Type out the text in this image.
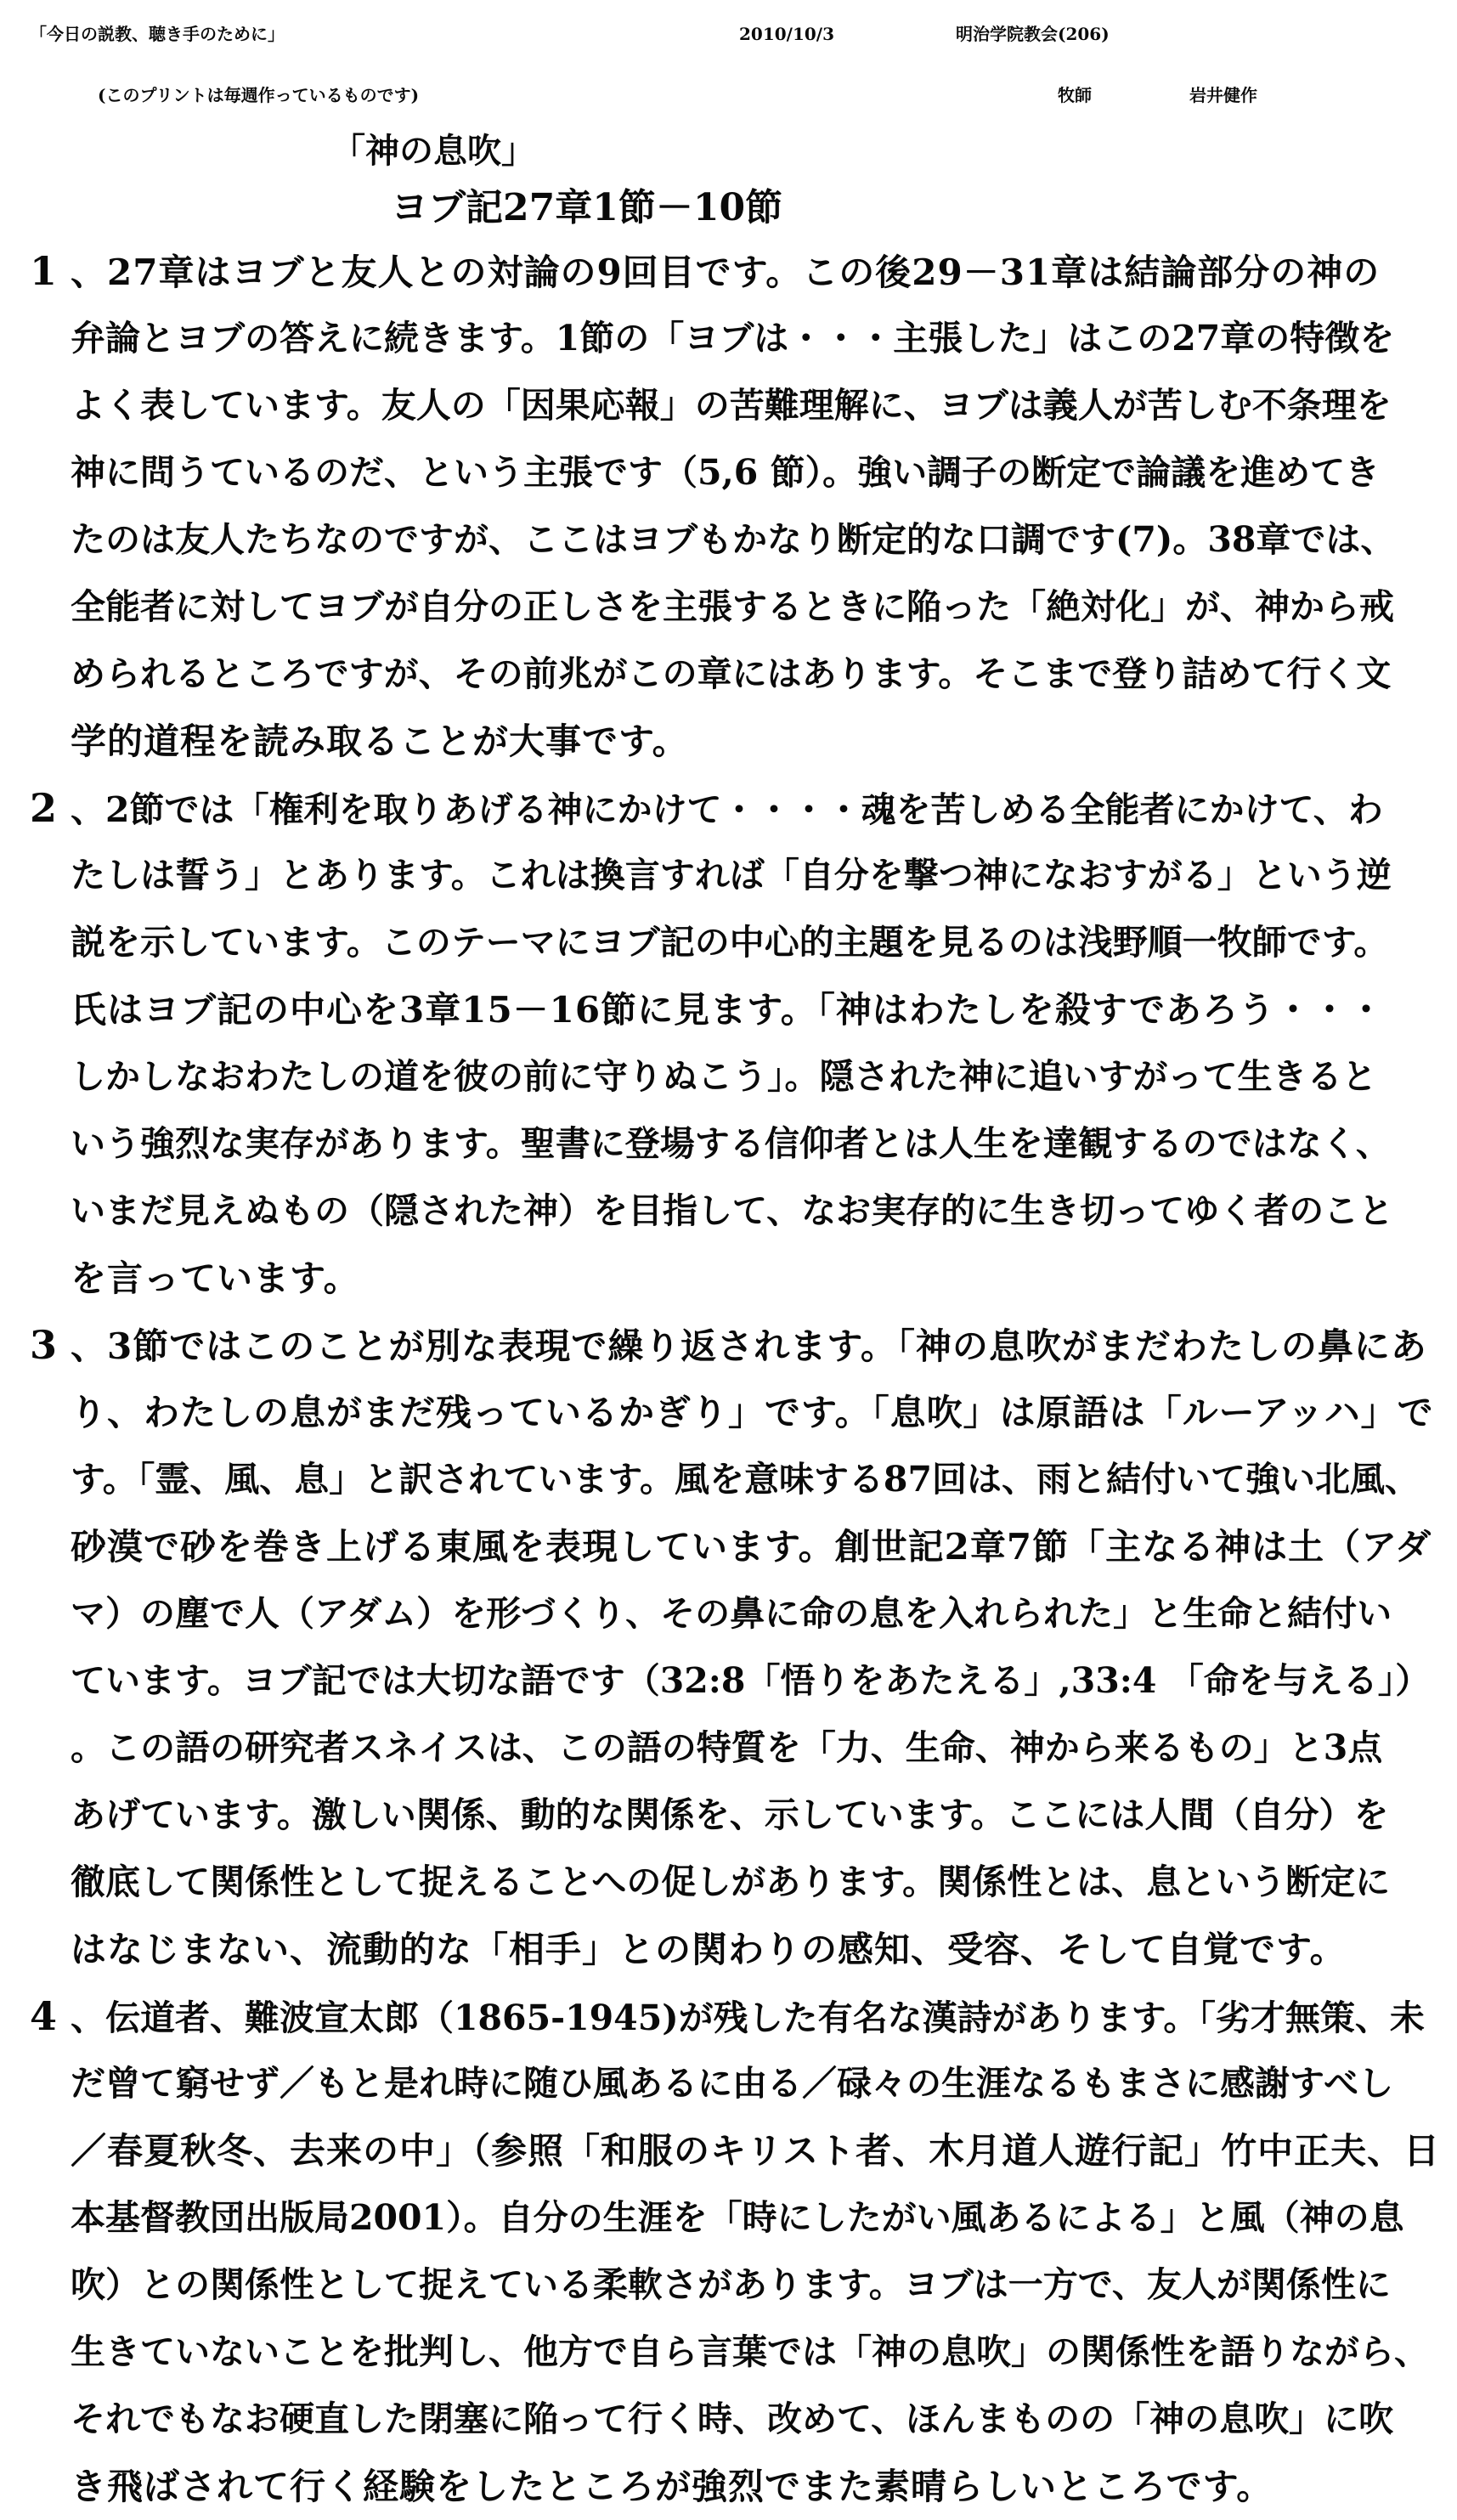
「今日の説教、聴き手のために」	2010/10/3	明治学院教会(206)
(このプリントは毎週作っているものです)	牧師	岩井健作
「神の息吹」
ヨブ記27章1節－10節
1 、27章はヨブと友人との対論の9回目です。この後29－31章は結論部分の神の
弁論とヨブの答えに続きます。1節の「ヨブは・・・主張した」はこの27章の特徴を
よく表しています。友人の「因果応報」の苦難理解に、ヨブは義人が苦しむ不条理を
神に問うているのだ、という主張です（5,6 節）。強い調子の断定で論議を進めてき
たのは友人たちなのですが、ここはヨブもかなり断定的な口調です(7)。38章では、
全能者に対してヨブが自分の正しさを主張するときに陥った「絶対化」が、神から戒
められるところですが、その前兆がこの章にはあります。そこまで登り詰めて行く文
学的道程を読み取ることが大事です。
2 、2節では「権利を取りあげる神にかけて・・・・魂を苦しめる全能者にかけて、わ
たしは誓う」とあります。これは換言すれば「自分を撃つ神になおすがる」という逆
説を示しています。このテーマにヨブ記の中心的主題を見るのは浅野順一牧師です。
氏はヨブ記の中心を3章15－16節に見ます。「神はわたしを殺すであろう・・・
しかしなおわたしの道を彼の前に守りぬこう」。隠された神に追いすがって生きると
いう強烈な実存があります。聖書に登場する信仰者とは人生を達観するのではなく、
いまだ見えぬもの（隠された神）を目指して、なお実存的に生き切ってゆく者のこと
を言っています。
3 、3節ではこのことが別な表現で繰り返されます。「神の息吹がまだわたしの鼻にあ
り、わたしの息がまだ残っているかぎり」です。「息吹」は原語は「ルーアッハ」で
す。「霊、風、息」と訳されています。風を意味する87回は、雨と結付いて強い北風、
砂漠で砂を巻き上げる東風を表現しています。創世記2章7節「主なる神は土（アダ
マ）の塵で人（アダム）を形づくり、その鼻に命の息を入れられた」と生命と結付い
ています。ヨブ記では大切な語です（32:8「悟りをあたえる」,33:4 「命を与える」）
。この語の研究者スネイスは、この語の特質を「力、生命、神から来るもの」と3点
あげています。激しい関係、動的な関係を、示しています。ここには人間（自分）を
徹底して関係性として捉えることへの促しがあります。関係性とは、息という断定に
はなじまない、流動的な「相手」との関わりの感知、受容、そして自覚です。
4 、伝道者、難波宣太郎（1865-1945)が残した有名な漢詩があります。「劣才無策、未
だ曾て窮せず／もと是れ時に随ひ風あるに由る／碌々の生涯なるもまさに感謝すべし
／春夏秋冬、去来の中」（参照「和服のキリスト者、木月道人遊行記」竹中正夫、日
本基督教団出版局2001）。自分の生涯を「時にしたがい風あるによる」と風（神の息
吹）との関係性として捉えている柔軟さがあります。ヨブは一方で、友人が関係性に
生きていないことを批判し、他方で自ら言葉では「神の息吹」の関係性を語りながら、
それでもなお硬直した閉塞に陥って行く時、改めて、ほんまものの「神の息吹」に吹
き飛ばされて行く経験をしたところが強烈でまた素晴らしいところです。
